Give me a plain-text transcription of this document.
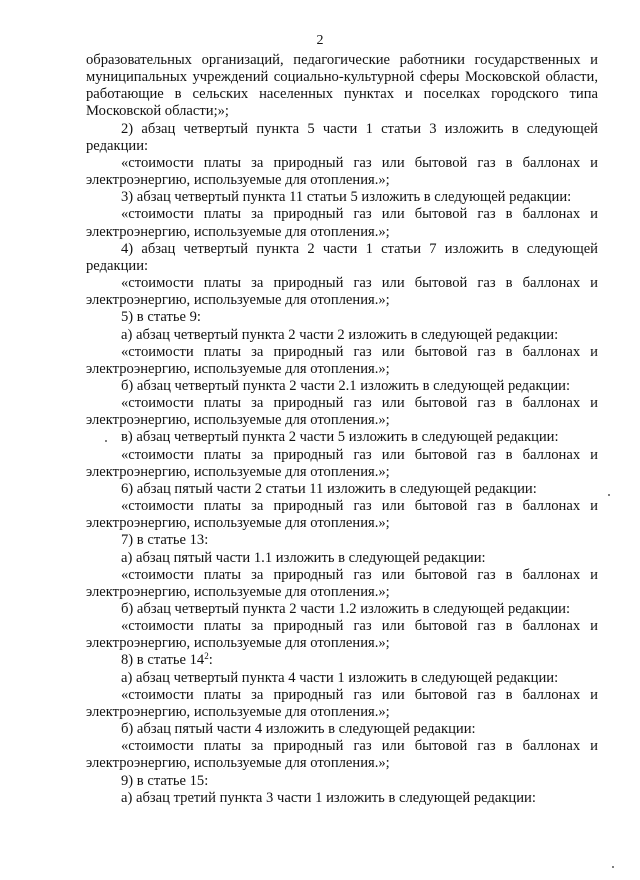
2

образовательных организаций, педагогические работники государственных и муниципальных учреждений социально-культурной сферы Московской области, работающие в сельских населенных пунктах и поселках городского типа Московской области;»;

2) абзац четвертый пункта 5 части 1 статьи 3 изложить в следующей редакции:

«стоимости платы за природный газ или бытовой газ в баллонах и электроэнергию, используемые для отопления.»;

3) абзац четвертый пункта 11 статьи 5 изложить в следующей редакции:

«стоимости платы за природный газ или бытовой газ в баллонах и электроэнергию, используемые для отопления.»;

4) абзац четвертый пункта 2 части 1 статьи 7 изложить в следующей редакции:

«стоимости платы за природный газ или бытовой газ в баллонах и электроэнергию, используемые для отопления.»;

5) в статье 9:

а) абзац четвертый пункта 2 части 2 изложить в следующей редакции:

«стоимости платы за природный газ или бытовой газ в баллонах и электроэнергию, используемые для отопления.»;

б) абзац четвертый пункта 2 части 2.1 изложить в следующей редакции:

«стоимости платы за природный газ или бытовой газ в баллонах и электроэнергию, используемые для отопления.»;

в) абзац четвертый пункта 2 части 5 изложить в следующей редакции:

«стоимости платы за природный газ или бытовой газ в баллонах и электроэнергию, используемые для отопления.»;

6) абзац пятый части 2 статьи 11 изложить в следующей редакции:

«стоимости платы за природный газ или бытовой газ в баллонах и электроэнергию, используемые для отопления.»;

7) в статье 13:

а) абзац пятый части 1.1 изложить в следующей редакции:

«стоимости платы за природный газ или бытовой газ в баллонах и электроэнергию, используемые для отопления.»;

б) абзац четвертый пункта 2 части 1.2 изложить в следующей редакции:

«стоимости платы за природный газ или бытовой газ в баллонах и электроэнергию, используемые для отопления.»;

8) в статье $14^2$:

а) абзац четвертый пункта 4 части 1 изложить в следующей редакции:

«стоимости платы за природный газ или бытовой газ в баллонах и электроэнергию, используемые для отопления.»;

б) абзац пятый части 4 изложить в следующей редакции:

«стоимости платы за природный газ или бытовой газ в баллонах и электроэнергию, используемые для отопления.»;

9) в статье 15:

а) абзац третий пункта 3 части 1 изложить в следующей редакции:
